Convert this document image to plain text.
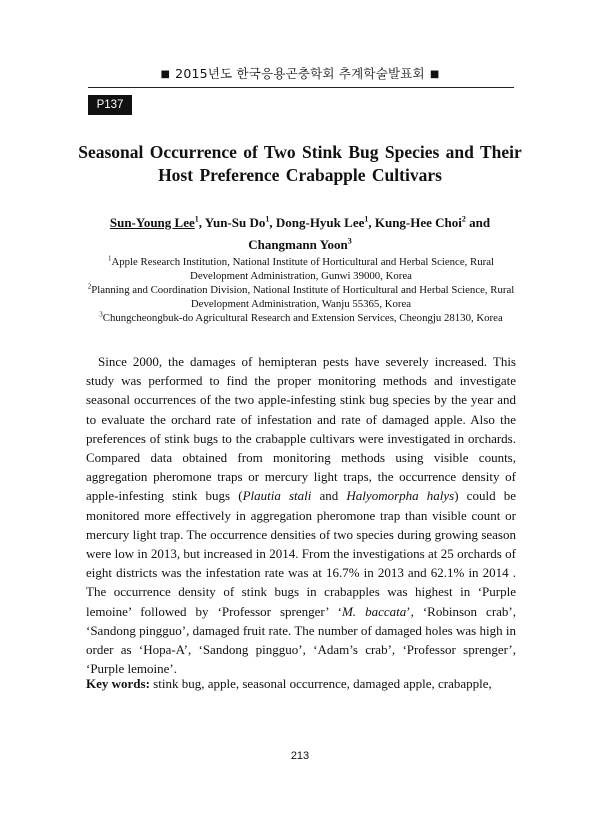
■ 2015년도 한국응용곤충학회 추계학술발표회 ■
P137
Seasonal Occurrence of Two Stink Bug Species and Their
Host Preference Crabapple Cultivars
Sun-Young Lee$^1$, Yun-Su Do$^1$, Dong-Hyuk Lee$^1$, Kung-Hee Choi$^2$ and
Changmann Yoon$^3$
$^1$Apple Research Institution, National Institute of Horticultural and Herbal Science, Rural Development Administration, Gunwi 39000, Korea
$^2$Planning and Coordination Division, National Institute of Horticultural and Herbal Science, Rural Development Administration, Wanju 55365, Korea
$^3$Chungcheongbuk-do Agricultural Research and Extension Services, Cheongju 28130, Korea

Since 2000, the damages of hemipteran pests have severely increased. This study was performed to find the proper monitoring methods and investigate seasonal occurrences of the two apple-infesting stink bug species by the year and to evaluate the orchard rate of infestation and rate of damaged apple. Also the preferences of stink bugs to the crabapple cultivars were investigated in orchards. Compared data obtained from monitoring methods using visible counts, aggregation pheromone traps or mercury light traps, the occurrence density of apple-infesting stink bugs (Plautia stali and Halyomorpha halys) could be monitored more effectively in aggregation pheromone trap than visible count or mercury light trap. The occurrence densities of two species during growing season were low in 2013, but increased in 2014. From the investigations at 25 orchards of eight districts was the infestation rate was at 16.7% in 2013 and 62.1% in 2014 . The occurrence density of stink bugs in crabapples was highest in ‘Purple lemoine’ followed by ‘Professor sprenger’ ‘M. baccata’, ‘Robinson crab’, ‘Sandong pingguo’, damaged fruit rate. The number of damaged holes was high in order as ‘Hopa-A’, ‘Sandong pingguo’, ‘Adam’s crab’, ‘Professor sprenger’, ‘Purple lemoine’.

Key words: stink bug, apple, seasonal occurrence, damaged apple, crabapple,
213
